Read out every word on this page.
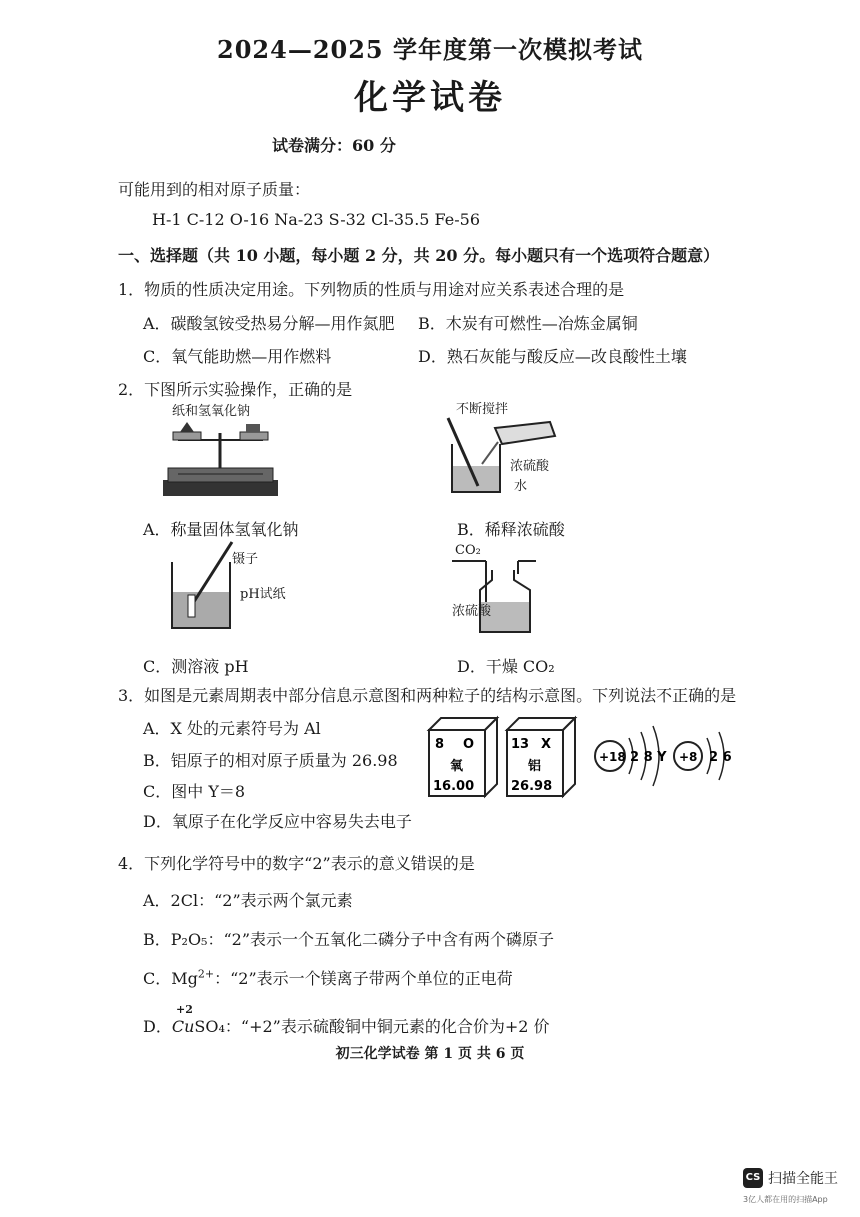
2024—2025 学年度第一次模拟考试
化学试卷
试卷满分：60 分
可能用到的相对原子质量：
H-1 C-12 O-16 Na-23 S-32 Cl-35.5 Fe-56
一、选择题（共 10 小题，每小题 2 分，共 20 分。每小题只有一个选项符合题意）
1．物质的性质决定用途。下列物质的性质与用途对应关系表述合理的是
A．碳酸氢铵受热易分解—用作氮肥 B．木炭有可燃性—冶炼金属铜
C．氧气能助燃—用作燃料	D．熟石灰能与酸反应—改良酸性土壤
2．下图所示实验操作，正确的是
纸和氢氧化钠	不断搅拌
浓硫酸
水
A．称量固体氢氧化钠	B．稀释浓硫酸
镊子
pH试纸
CO₂
浓硫酸
C．测溶液 pH	D．干燥 CO₂
3．如图是元素周期表中部分信息示意图和两种粒子的结构示意图。下列说法不正确的是
A．X 处的元素符号为 Al
B．铝原子的相对原子质量为 26.98
C．图中 Y＝8
D．氧原子在化学反应中容易失去电子
8 O
氧
16.00
13 X
铝
26.98
+18 2 8 Y +8 2 6
4．下列化学符号中的数字“2”表示的意义错误的是
A．2Cl：“2”表示两个氯元素
B．P₂O₅：“2”表示一个五氧化二磷分子中含有两个磷原子
C．$Mg^{2+}$：“2”表示一个镁离子带两个单位的正电荷
+2
D．CuSO₄：“+2”表示硫酸铜中铜元素的化合价为+2 价
初三化学试卷 第 1 页 共 6 页
CS 扫描全能王
3亿人都在用的扫描App
